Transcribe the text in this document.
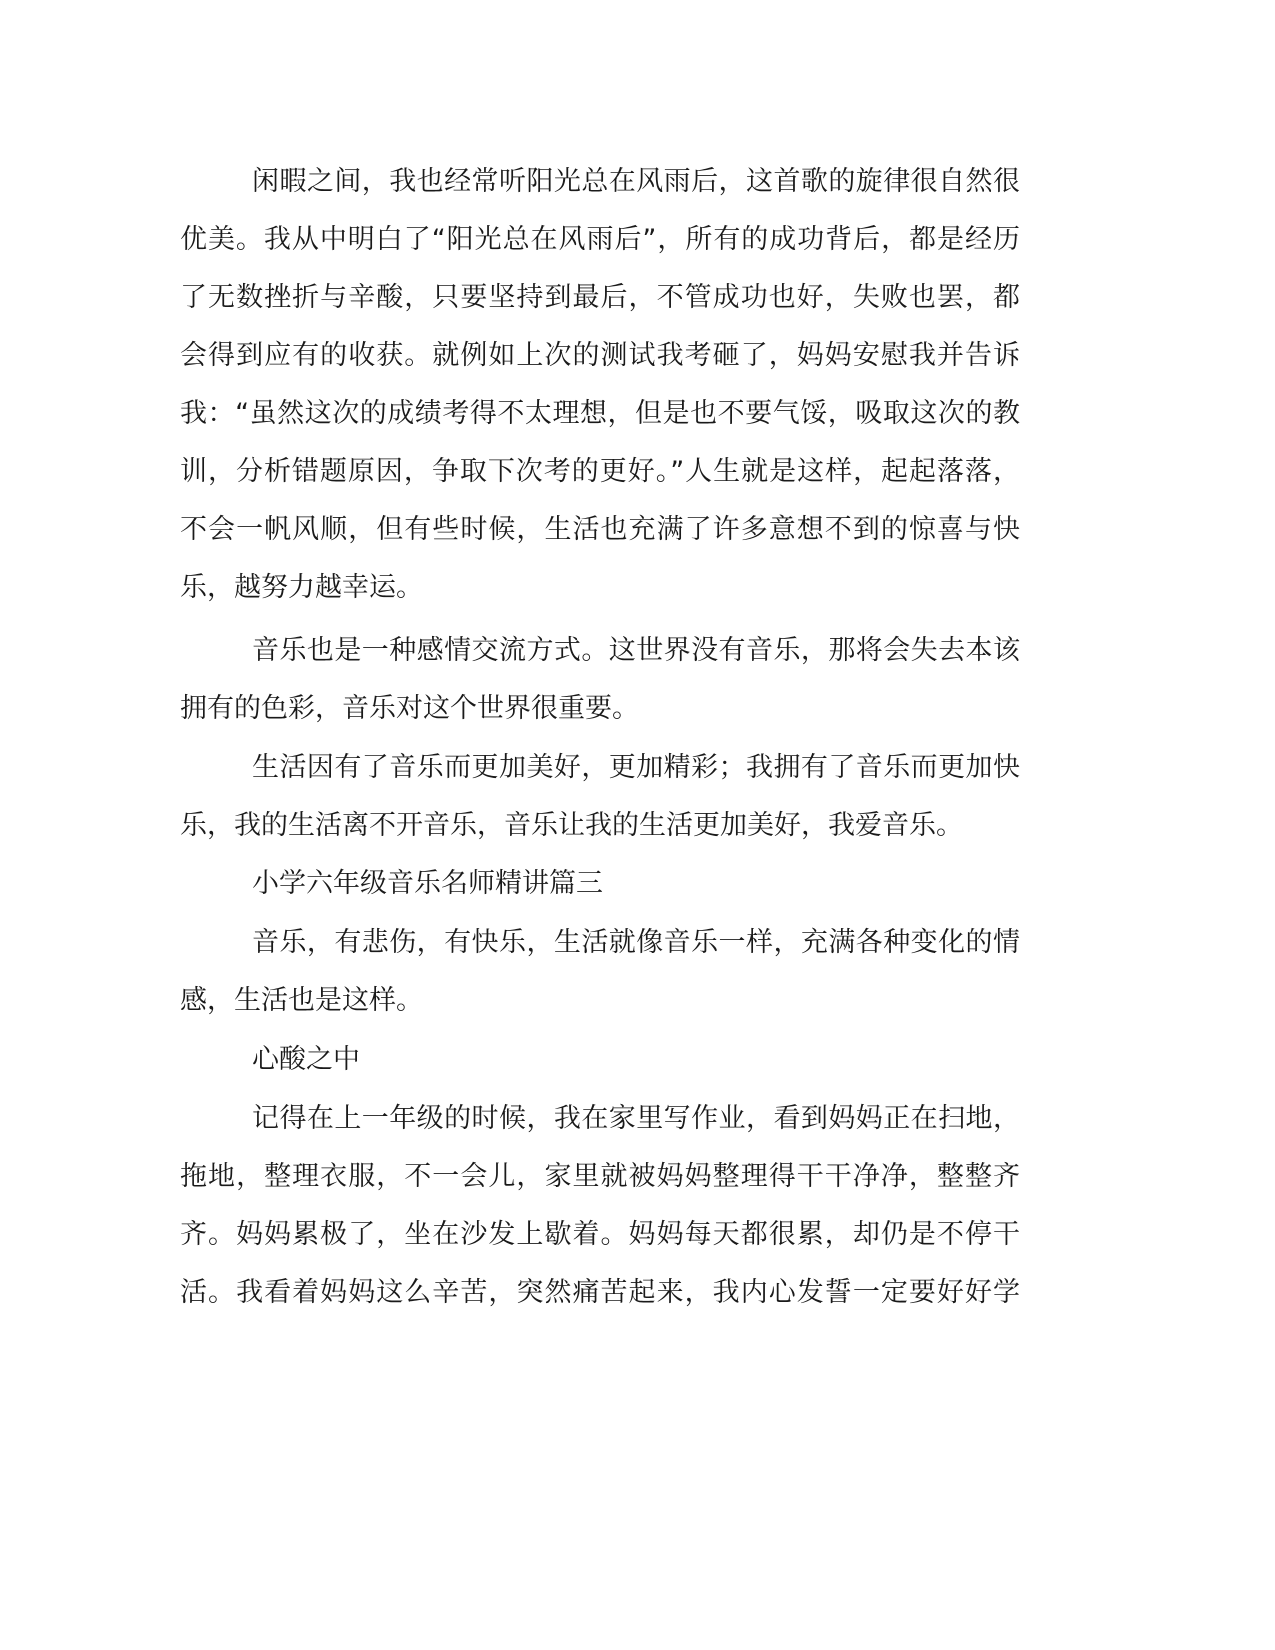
闲暇之间，我也经常听阳光总在风雨后，这首歌的旋律很自然很
优美。我从中明白了“阳光总在风雨后”，所有的成功背后，都是经历
了无数挫折与辛酸，只要坚持到最后，不管成功也好，失败也罢，都
会得到应有的收获。就例如上次的测试我考砸了，妈妈安慰我并告诉
我：“虽然这次的成绩考得不太理想，但是也不要气馁，吸取这次的教
训，分析错题原因，争取下次考的更好。”人生就是这样，起起落落，
不会一帆风顺，但有些时候，生活也充满了许多意想不到的惊喜与快
乐，越努力越幸运。
音乐也是一种感情交流方式。这世界没有音乐，那将会失去本该
拥有的色彩，音乐对这个世界很重要。
生活因有了音乐而更加美好，更加精彩；我拥有了音乐而更加快
乐，我的生活离不开音乐，音乐让我的生活更加美好，我爱音乐。
小学六年级音乐名师精讲篇三
音乐，有悲伤，有快乐，生活就像音乐一样，充满各种变化的情
感，生活也是这样。
心酸之中
记得在上一年级的时候，我在家里写作业，看到妈妈正在扫地，
拖地，整理衣服，不一会儿，家里就被妈妈整理得干干净净，整整齐
齐。妈妈累极了，坐在沙发上歇着。妈妈每天都很累，却仍是不停干
活。我看着妈妈这么辛苦，突然痛苦起来，我内心发誓一定要好好学
